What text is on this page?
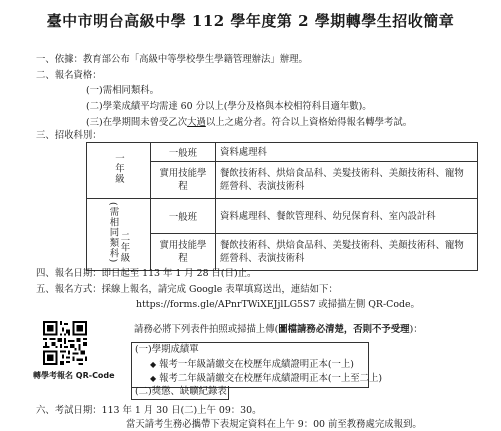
臺中市明台高級中學 112 學年度第 2 學期轉學生招收簡章
一、依據：教育部公布「高級中等學校學生學籍管理辦法」辦理。
二、報名資格：
(一)需相同類科。
(二)學業成績平均需達 60 分以上(學分及格與本校相符科目適年數)。
(三)在學期間未曾受乙次大過以上之處分者。符合以上資格始得報名轉學考試。
三、招收科別：
一年級	一般班	資料處理科
	實用技能學程	餐飲技術科、烘焙食品科、美髮技術科、美顏技術科、寵物經營科、表演技術科
(需相同類科)二年級	一般班	資料處理科、餐飲管理科、幼兒保育科、室內設計科
	實用技能學程	餐飲技術科、烘焙食品科、美髮技術科、美顏技術科、寵物經營科、表演技術科
四、報名日期：即日起至 113 年 1 月 28 日(日)止。
五、報名方式：採線上報名，請完成 Google 表單填寫送出，連結如下：
https://forms.gle/APnrTWiXEJjlLG5S7 或掃描左側 QR-Code。
轉學考報名 QR-Code
請務必將下列表件拍照或掃描上傳(圖檔請務必清楚，否則不予受理)：
(一)學期成績單
◆ 報考一年級請繳交在校歷年成績證明正本(一上)
◆ 報考二年級請繳交在校歷年成績證明正本(一上至二上)
(二)獎懲、缺曠紀錄表
六、考試日期：113 年 1 月 30 日(二)上午 09：30。
當天請考生務必攜帶下表規定資料在上午 9：00 前至教務處完成報到。
